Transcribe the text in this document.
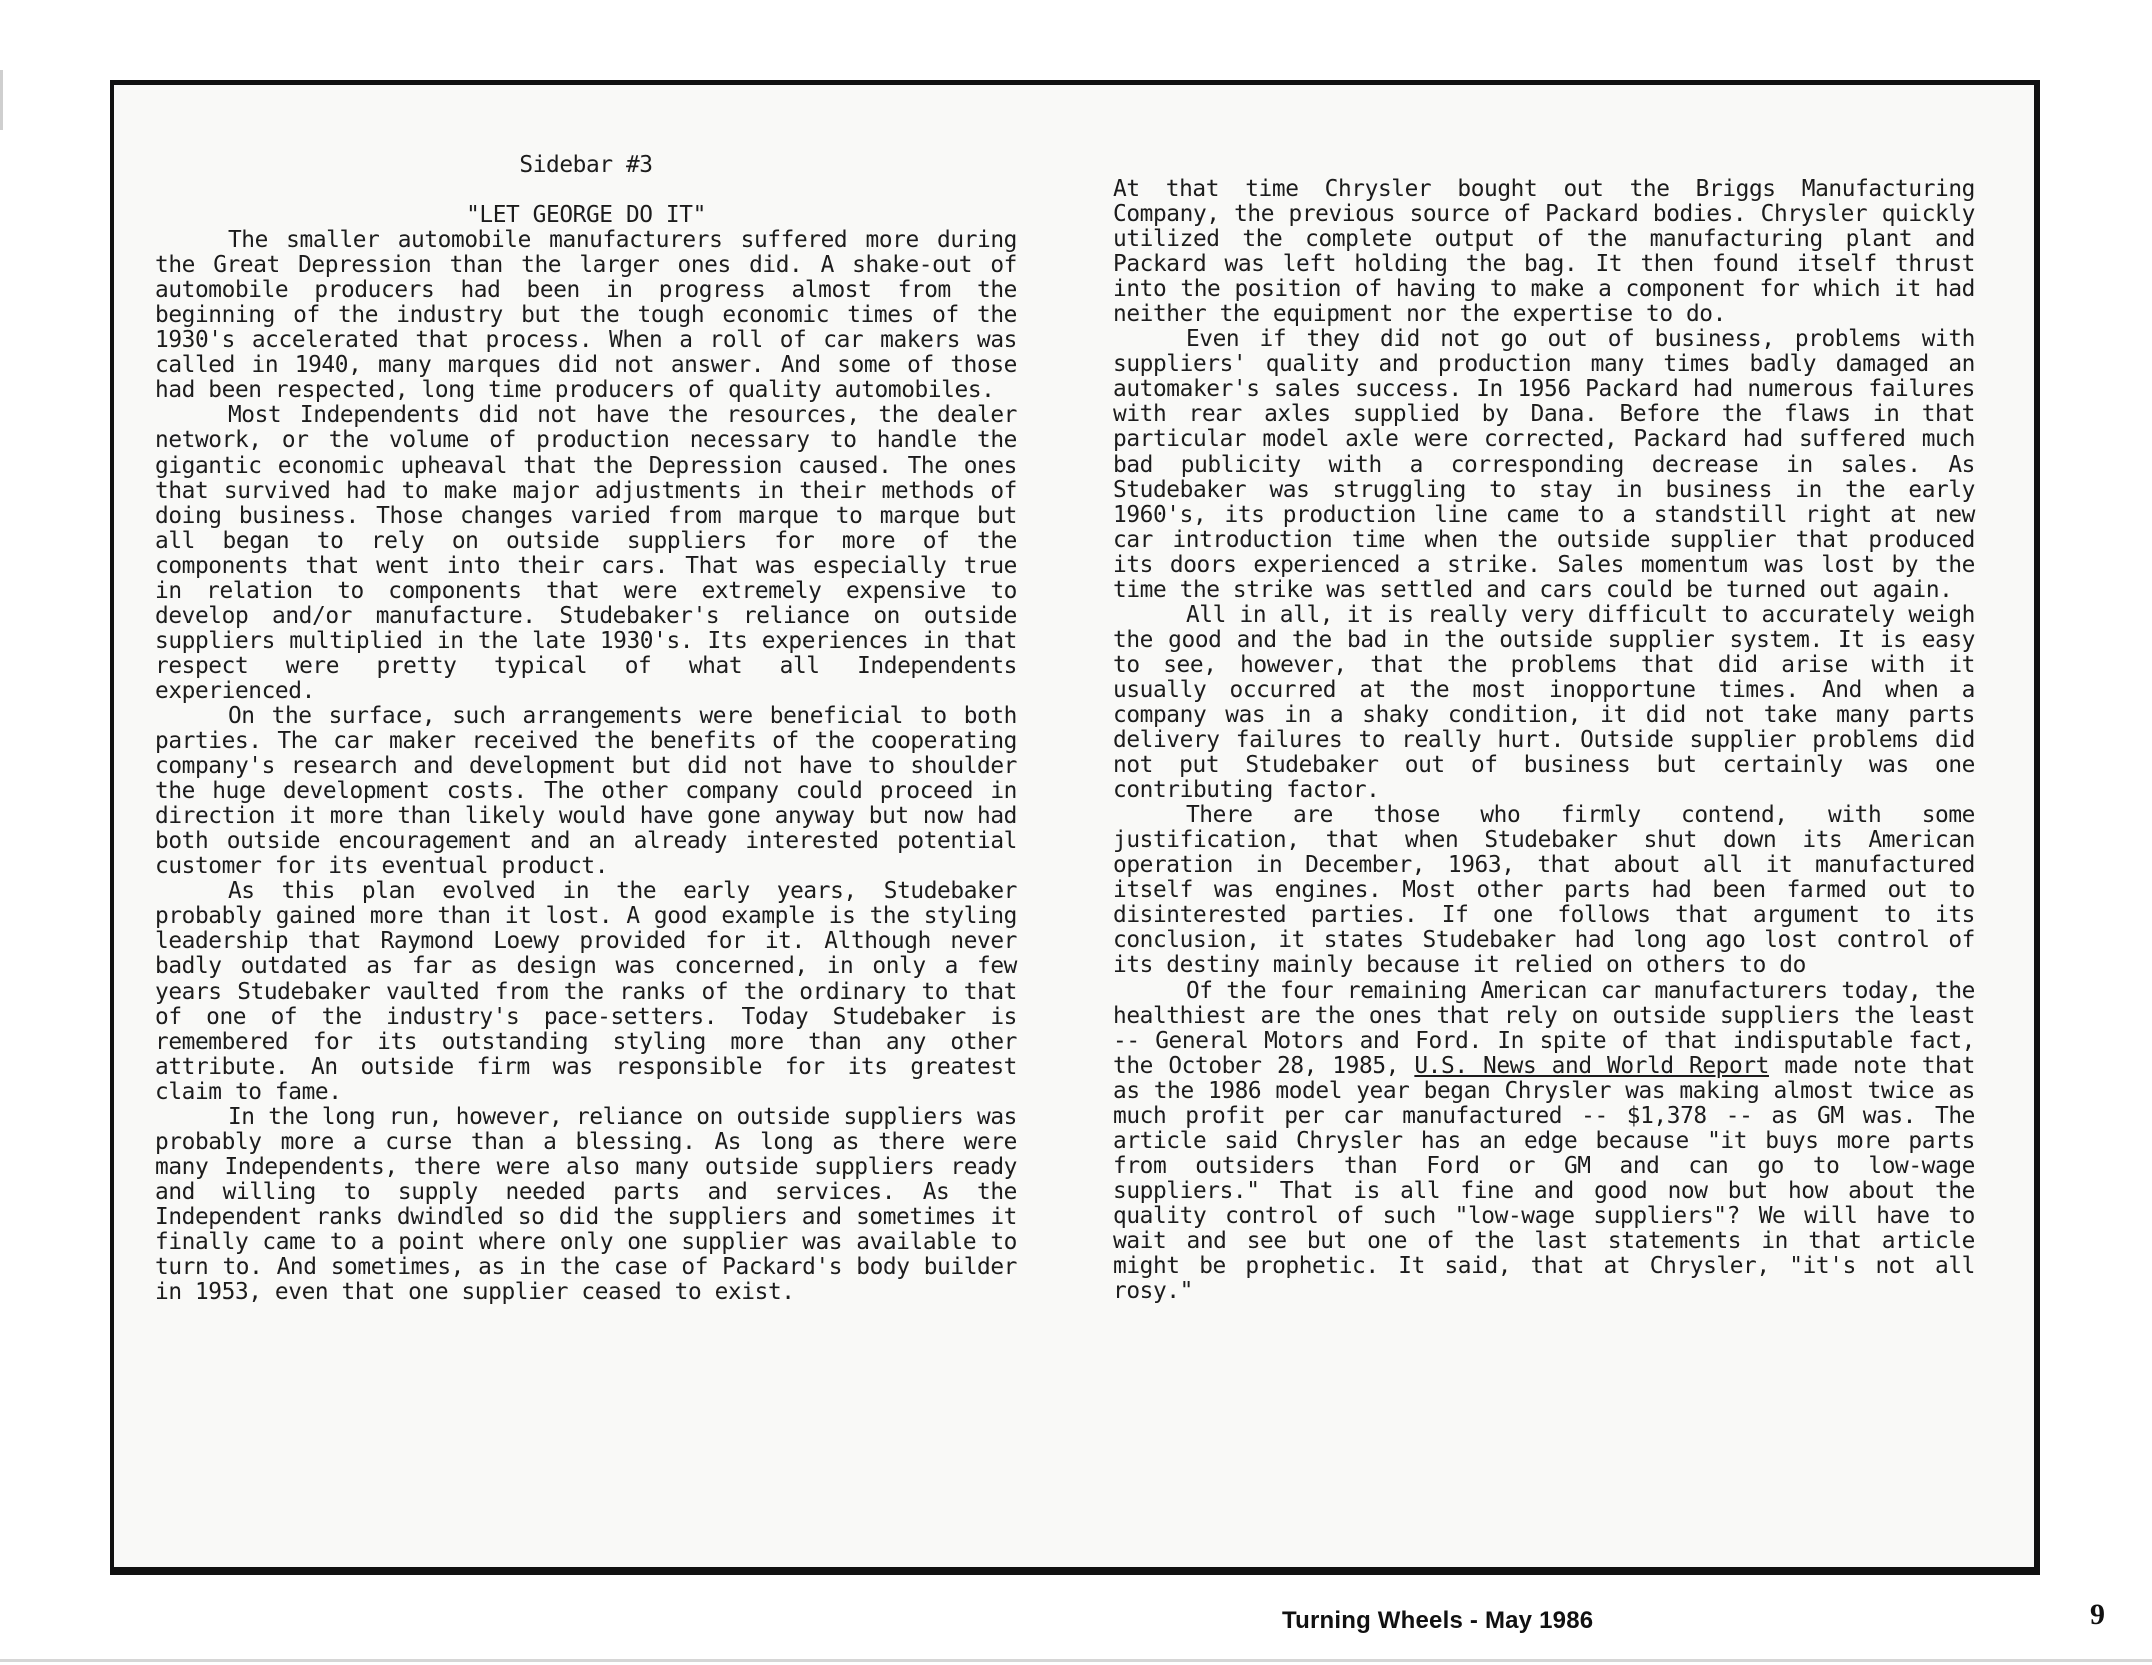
Sidebar #3

"LET GEORGE DO IT"

The smaller automobile manufacturers suffered more during the Great Depression than the larger ones did. A shake-out of automobile producers had been in progress almost from the beginning of the industry but the tough economic times of the 1930's accelerated that process. When a roll of car makers was called in 1940, many marques did not answer. And some of those had been respected, long time producers of quality automobiles.

Most Independents did not have the resources, the dealer network, or the volume of production necessary to handle the gigantic economic upheaval that the Depression caused. The ones that survived had to make major adjustments in their methods of doing business. Those changes varied from marque to marque but all began to rely on outside suppliers for more of the components that went into their cars. That was especially true in relation to components that were extremely expensive to develop and/or manufacture. Studebaker's reliance on outside suppliers multiplied in the late 1930's. Its experiences in that respect were pretty typical of what all Independents experienced.

On the surface, such arrangements were beneficial to both parties. The car maker received the benefits of the cooperating company's research and development but did not have to shoulder the huge development costs. The other company could proceed in direction it more than likely would have gone anyway but now had both outside encouragement and an already interested potential customer for its eventual product.

As this plan evolved in the early years, Studebaker probably gained more than it lost. A good example is the styling leadership that Raymond Loewy provided for it. Although never badly outdated as far as design was concerned, in only a few years Studebaker vaulted from the ranks of the ordinary to that of one of the industry's pace-setters. Today Studebaker is remembered for its outstanding styling more than any other attribute. An outside firm was responsible for its greatest claim to fame.

In the long run, however, reliance on outside suppliers was probably more a curse than a blessing. As long as there were many Independents, there were also many outside suppliers ready and willing to supply needed parts and services. As the Independent ranks dwindled so did the suppliers and sometimes it finally came to a point where only one supplier was available to turn to. And sometimes, as in the case of Packard's body builder in 1953, even that one supplier ceased to exist.

At that time Chrysler bought out the Briggs Manufacturing Company, the previous source of Packard bodies. Chrysler quickly utilized the complete output of the manufacturing plant and Packard was left holding the bag. It then found itself thrust into the position of having to make a component for which it had neither the equipment nor the expertise to do.

Even if they did not go out of business, problems with suppliers' quality and production many times badly damaged an automaker's sales success. In 1956 Packard had numerous failures with rear axles supplied by Dana. Before the flaws in that particular model axle were corrected, Packard had suffered much bad publicity with a corresponding decrease in sales. As Studebaker was struggling to stay in business in the early 1960's, its production line came to a standstill right at new car introduction time when the outside supplier that produced its doors experienced a strike. Sales momentum was lost by the time the strike was settled and cars could be turned out again.

All in all, it is really very difficult to accurately weigh the good and the bad in the outside supplier system. It is easy to see, however, that the problems that did arise with it usually occurred at the most inopportune times. And when a company was in a shaky condition, it did not take many parts delivery failures to really hurt. Outside supplier problems did not put Studebaker out of business but certainly was one contributing factor.

There are those who firmly contend, with some justification, that when Studebaker shut down its American operation in December, 1963, that about all it manufactured itself was engines. Most other parts had been farmed out to disinterested parties. If one follows that argument to its conclusion, it states Studebaker had long ago lost control of its destiny mainly because it relied on others to do

Of the four remaining American car manufacturers today, the healthiest are the ones that rely on outside suppliers the least -- General Motors and Ford. In spite of that indisputable fact, the October 28, 1985, U.S. News and World Report made note that as the 1986 model year began Chrysler was making almost twice as much profit per car manufactured -- $1,378 -- as GM was. The article said Chrysler has an edge because "it buys more parts from outsiders than Ford or GM and can go to low-wage suppliers." That is all fine and good now but how about the quality control of such "low-wage suppliers"? We will have to wait and see but one of the last statements in that article might be prophetic. It said, that at Chrysler, "it's not all rosy."

Turning Wheels - May 1986	9
